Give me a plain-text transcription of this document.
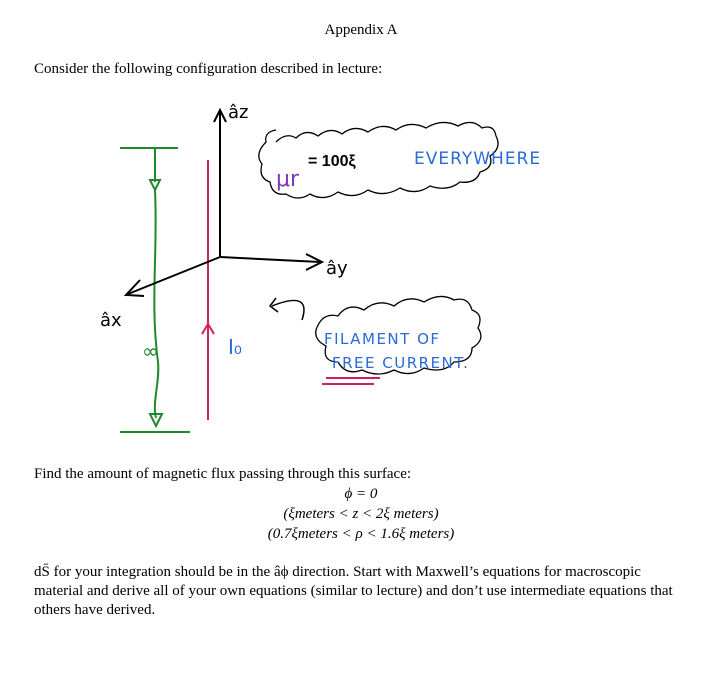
Appendix A
Consider the following configuration described in lecture:
∞
âz
ây
âx
μr
= 100ξ	EVERYWHERE
I₀	FILAMENT OF
FREE CURRENT.
Find the amount of magnetic flux passing through this surface:
ϕ = 0
(ξmeters < z < 2ξ meters)
(0.7ξmeters < ρ < 1.6ξ meters)
dS̄ for your integration should be in the âϕ direction. Start with Maxwell’s equations for macroscopic material and derive all of your own equations (similar to lecture) and don’t use intermediate equations that others have derived.
